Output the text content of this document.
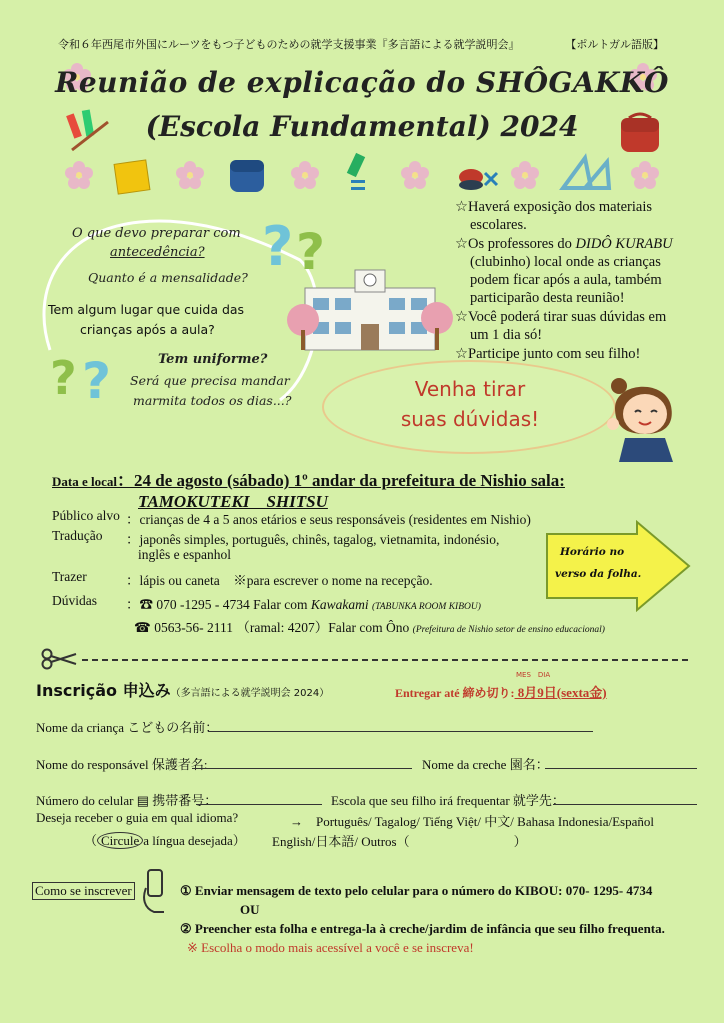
令和６年西尾市外国にルーツをもつ子どものための就学支援事業『多言語による就学説明会』	【ポルトガル語版】
Reunião de explicação do SHÔGAKKÔ
(Escola Fundamental) 2024
O que devo preparar com
antecedência?
Quanto é a mensalidade?
Tem algum lugar que cuida das
crianças após a aula?
Tem uniforme?
Será que precisa mandar
marmita todos os dias...?
? ?
? ?
☆Haverá exposição dos materiais
escolares.
☆Os professores do DIDÔ KURABU
(clubinho) local onde as crianças
podem ficar após a aula, também
participarão desta reunião!
☆Você poderá tirar suas dúvidas em
um 1 dia só!
☆Participe junto com seu filho!
Venha tirar
suas dúvidas!
Data e local：24 de agosto (sábado) 1º andar da prefeitura de Nishio sala:
TAMOKUTEKI　SHITSU
Público alvo ：crianças de 4 a 5 anos etários e seus responsáveis (residentes em Nishio)
Tradução ：japonês simples, português, chinês, tagalog, vietnamita, indonésio,
inglês e espanhol
Trazer	：lápis ou caneta　※para escrever o nome na recepção.
Dúvidas ：☎ 070 -1295 - 4734 Falar com Kawakami (TABUNKA ROOM KIBOU)
☎ 0563-56- 2111 （ramal: 4207）Falar com Ôno (Prefeitura de Nishio setor de ensino educacional)
Horário no
verso da folha.
Inscrição 申込み（多言語による就学説明会 2024）	Entregar até 締め切り: 8月9日(sexta金)
MES　DIA
Nome da criança こどもの名前：
Nome do responsável 保護者名:	Nome da creche 園名：
Número do celular ▤ 携帯番号：	Escola que seu filho irá frequentar 就学先：
Deseja receber o guia em qual idioma?	→　Português/ Tagalog/ Tiếng Việt/ 中文/ Bahasa Indonesia/Español
（ Circule a língua desejada） English/日本語/ Outros（　　　　　　　　）
Como se inscrever	① Enviar mensagem de texto pelo celular para o número do KIBOU: 070- 1295- 4734
OU
② Preencher esta folha e entrega-la à creche/jardim de infância que seu filho frequenta.
※ Escolha o modo mais acessível a você e se inscreva!
